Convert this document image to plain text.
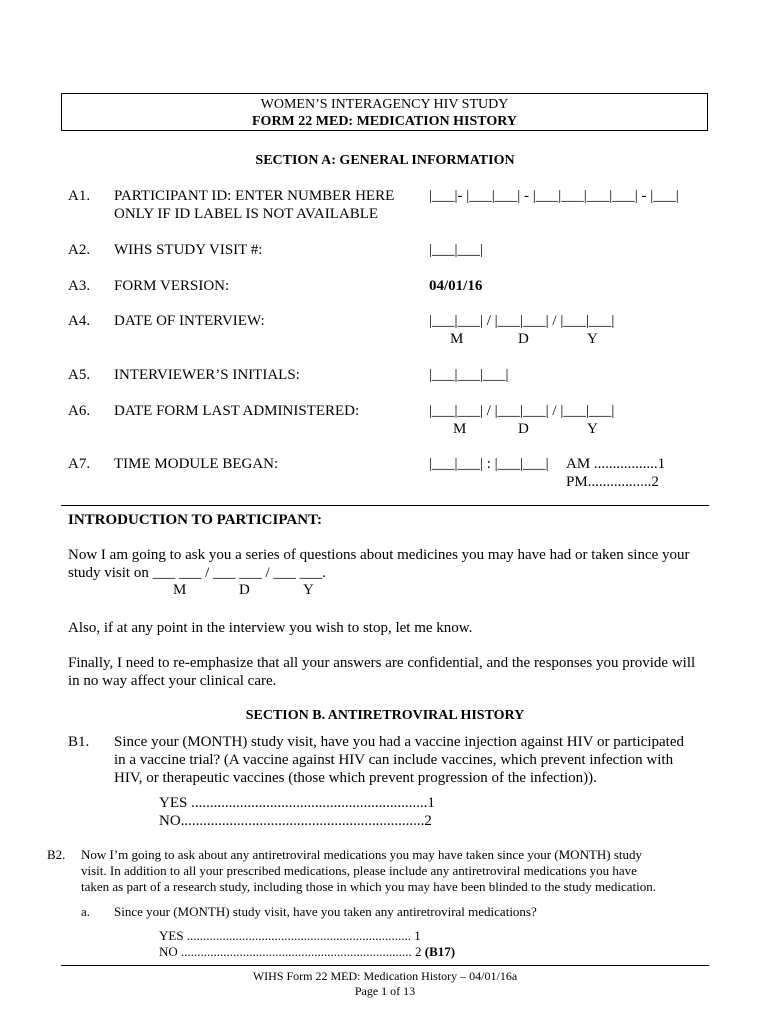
WOMEN’S INTERAGENCY HIV STUDY
FORM 22 MED: MEDICATION HISTORY
SECTION A: GENERAL INFORMATION
A1. PARTICIPANT ID: ENTER NUMBER HERE
ONLY IF ID LABEL IS NOT AVAILABLE
|___|- |___|___| - |___|___|___|___| - |___|
A2. WIHS STUDY VISIT #:	|___|___|
A3. FORM VERSION:	04/01/16
A4. DATE OF INTERVIEW:	|___|___| / |___|___| / |___|___|
M	D	Y
A5. INTERVIEWER’S INITIALS:	|___|___|___|
A6. DATE FORM LAST ADMINISTERED:	|___|___| / |___|___| / |___|___|
M	D	Y
A7. TIME MODULE BEGAN:	|___|___| : |___|___| AM .................1
PM.................2
INTRODUCTION TO PARTICIPANT:
Now I am going to ask you a series of questions about medicines you may have had or taken since your
study visit on ___ ___ / ___ ___ / ___ ___.
M	D	Y
Also, if at any point in the interview you wish to stop, let me know.
Finally, I need to re-emphasize that all your answers are confidential, and the responses you provide will
in no way affect your clinical care.
SECTION B. ANTIRETROVIRAL HISTORY
B1. Since your (MONTH) study visit, have you had a vaccine injection against HIV or participated
in a vaccine trial? (A vaccine against HIV can include vaccines, which prevent infection with
HIV, or therapeutic vaccines (those which prevent progression of the infection)).
YES ...............................................................1
NO.................................................................2
B2. Now I’m going to ask about any antiretroviral medications you may have taken since your (MONTH) study
visit. In addition to all your prescribed medications, please include any antiretroviral medications you have
taken as part of a research study, including those in which you may have been blinded to the study medication.
a. Since your (MONTH) study visit, have you taken any antiretroviral medications?
YES ..................................................................... 1
NO ....................................................................... 2 (B17)
WIHS Form 22 MED: Medication History – 04/01/16a
Page 1 of 13
